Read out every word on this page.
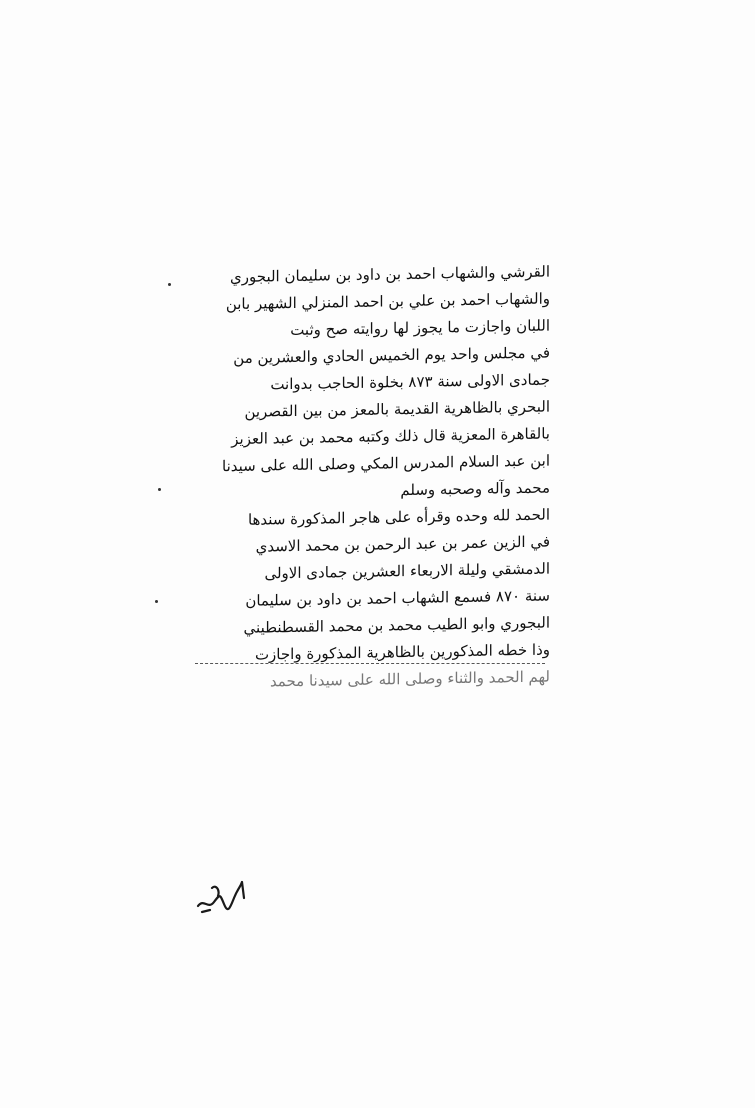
القرشي والشهاب احمد بن داود بن سليمان البجوري
والشهاب احمد بن علي بن احمد المنزلي الشهير بابن
اللبان واجازت ما يجوز لها روايته صح وثبت
في مجلس واحد يوم الخميس الحادي والعشرين من
جمادى الاولى سنة ٨٧٣ بخلوة الحاجب بدوانت
البحري بالظاهرية القديمة بالمعز من بين القصرين
بالقاهرة المعزية قال ذلك وكتبه محمد بن عبد العزيز
ابن عبد السلام المدرس المكي وصلى الله على سيدنا
محمد وآله وصحبه وسلم
الحمد لله وحده وقرأه على هاجر المذكورة سندها
في الزين عمر بن عبد الرحمن بن محمد الاسدي
الدمشقي وليلة الاربعاء العشرين جمادى الاولى
سنة ٨٧٠ فسمع الشهاب احمد بن داود بن سليمان
البجوري وابو الطيب محمد بن محمد القسطنطيني
وذا خطه المذكورين بالظاهرية المذكورة واجازت
لهم الحمد والثناء وصلى الله على سيدنا محمد
